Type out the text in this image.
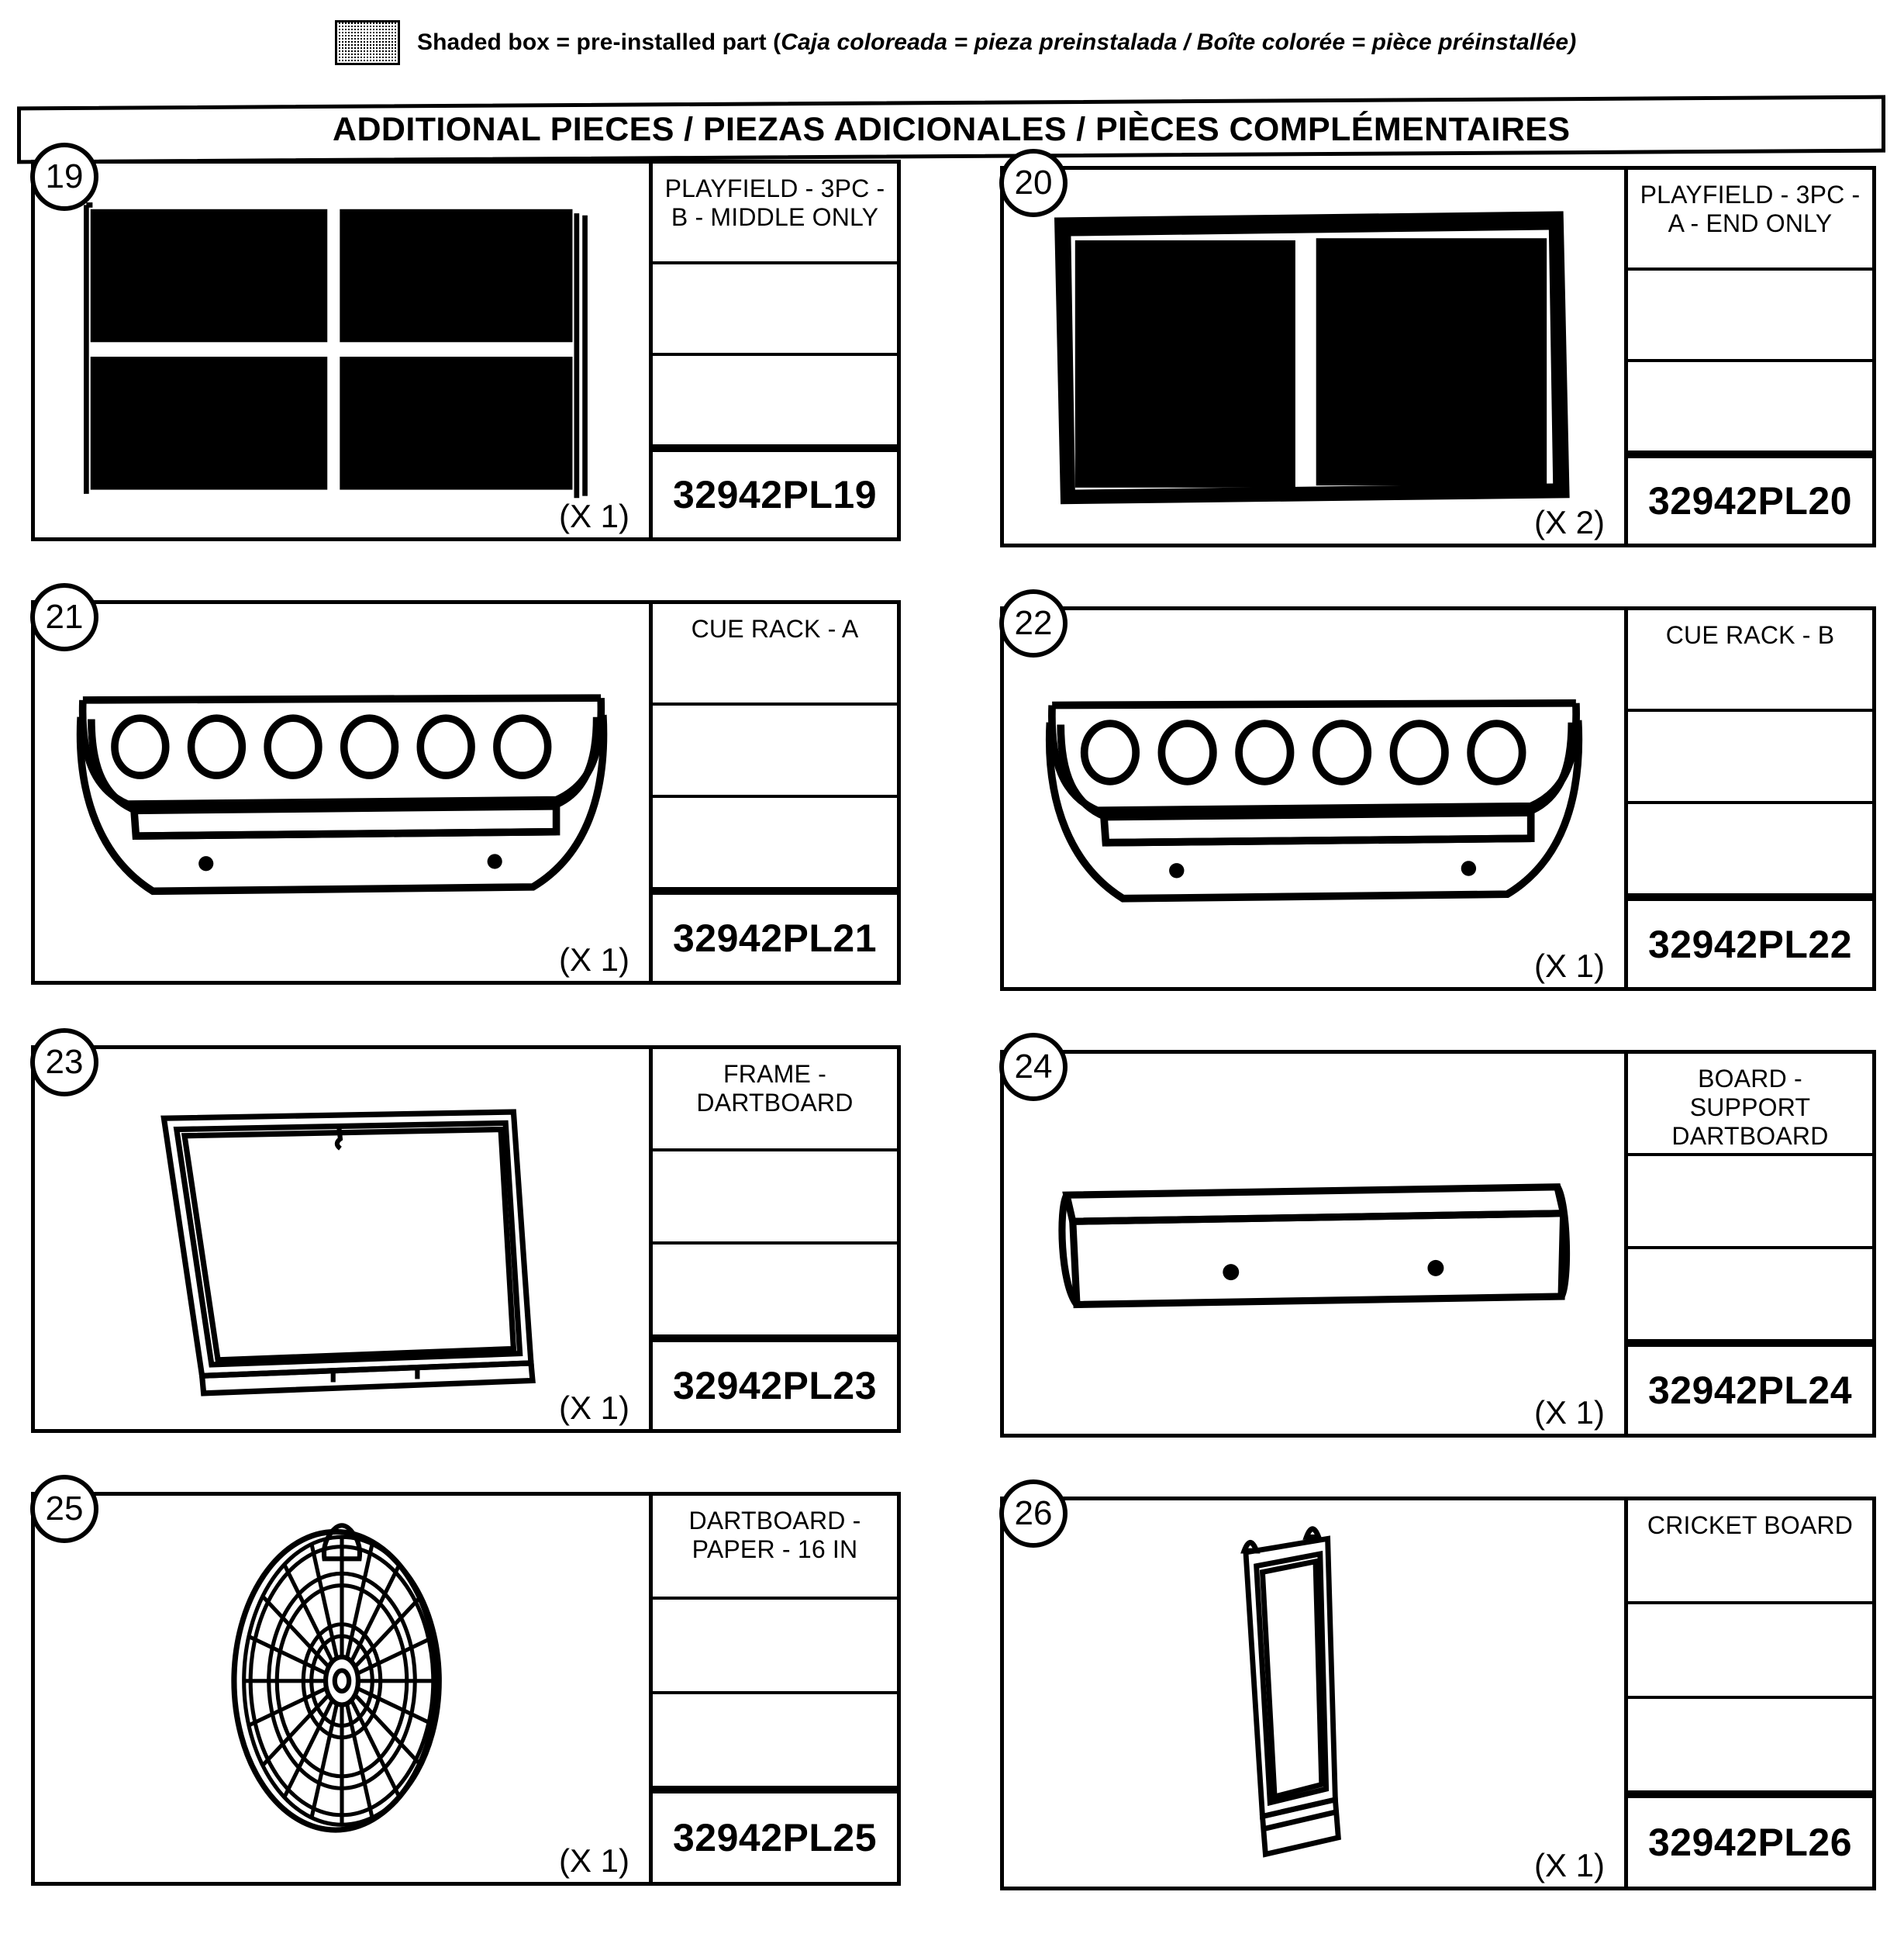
Shaded box = pre-installed part (Caja coloreada = pieza preinstalada / Boîte colorée = pièce préinstallée)
ADDITIONAL PIECES / PIEZAS ADICIONALES / PIÈCES COMPLÉMENTAIRES
19
(X 1)
PLAYFIELD - 3PC -
B - MIDDLE ONLY
32942PL19
20
(X 2)
PLAYFIELD - 3PC -
A - END ONLY
32942PL20
21
(X 1)
CUE RACK - A
32942PL21
22
(X 1)
CUE RACK - B
32942PL22
23
(X 1)
FRAME -
DARTBOARD
32942PL23
24
(X 1)
BOARD -
SUPPORT
DARTBOARD
32942PL24
25
(X 1)
DARTBOARD -
PAPER - 16 IN
32942PL25
26
(X 1)
CRICKET BOARD
32942PL26
